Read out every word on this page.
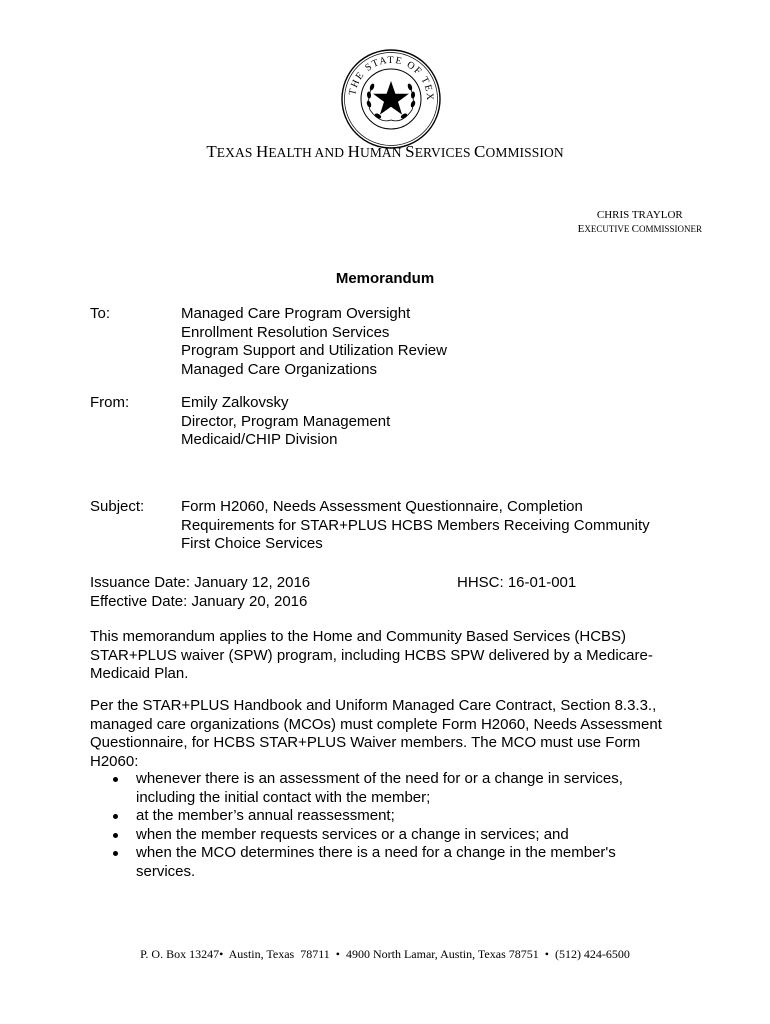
THE STATE OF TEX
TEXAS HEALTH AND HUMAN SERVICES COMMISSION
CHRIS TRAYLOR
EXECUTIVE COMMISSIONER
Memorandum
To:	Managed Care Program Oversight
Enrollment Resolution Services
Program Support and Utilization Review
Managed Care Organizations
From:	Emily Zalkovsky
Director, Program Management
Medicaid/CHIP Division
Subject: Form H2060, Needs Assessment Questionnaire, Completion
Requirements for STAR+PLUS HCBS Members Receiving Community
First Choice Services
Issuance Date: January 12, 2016
Effective Date: January 20, 2016
HHSC: 16-01-001
This memorandum applies to the Home and Community Based Services (HCBS)
STAR+PLUS waiver (SPW) program, including HCBS SPW delivered by a Medicare-
Medicaid Plan.
Per the STAR+PLUS Handbook and Uniform Managed Care Contract, Section 8.3.3.,
managed care organizations (MCOs) must complete Form H2060, Needs Assessment
Questionnaire, for HCBS STAR+PLUS Waiver members. The MCO must use Form
H2060:
whenever there is an assessment of the need for or a change in services,
including the initial contact with the member;
at the member’s annual reassessment;
when the member requests services or a change in services; and
when the MCO determines there is a need for a change in the member's
services.
P. O. Box 13247•  Austin, Texas  78711  •  4900 North Lamar, Austin, Texas 78751  •  (512) 424-6500
